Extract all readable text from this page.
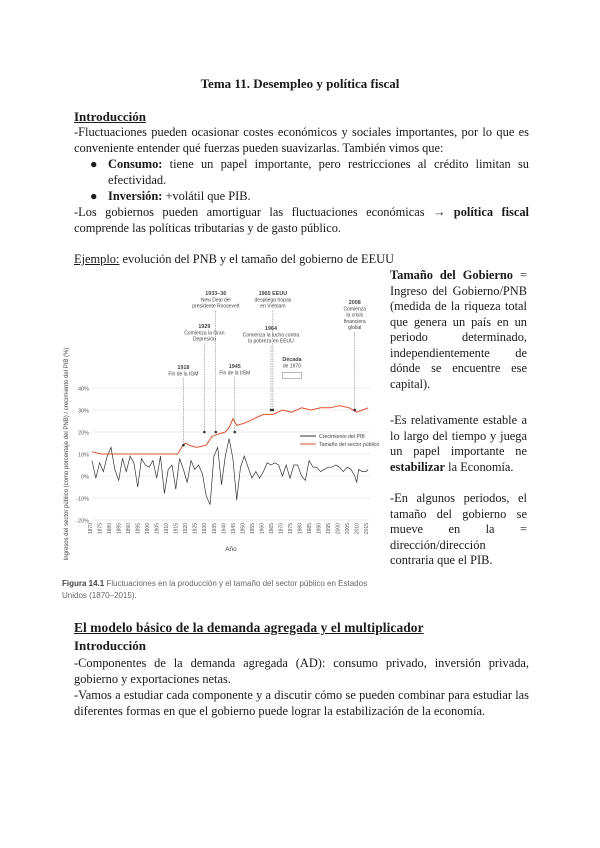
Tema 11. Desempleo y política fiscal
Introducción
-Fluctuaciones pueden ocasionar costes económicos y sociales importantes, por lo que es conveniente entender qué fuerzas pueden suavizarlas. También vimos que:
● Consumo: tiene un papel importante, pero restricciones al crédito limitan su efectividad.
● Inversión: +volátil que PIB.
-Los gobiernos pueden amortiguar las fluctuaciones económicas → política fiscal comprende las políticas tributarias y de gasto público.
Ejemplo: evolución del PNB y el tamaño del gobierno de EEUU
Tamaño del Gobierno = Ingreso del Gobierno/PNB (medida de la riqueza total que genera un país en un periodo determinado, independientemente de dónde se encuentre ese capital).
-Es relativamente estable a lo largo del tiempo y juega un papel importante ne estabilizar la Economía.
-En algunos periodos, el tamaño del gobierno se mueve en la = dirección/dirección contraria que el PIB.
-20%
-10%
0%
10%
20%
30%
40%
1870 1875 1880 1885 1890 1895 1900 1905 1910 1915 1920 1925 1930 1935 1940 1945 1950 1955 1960 1965 1970 1975 1980 1985 1990 1995 2000 2005 2010 2015
Año
Ingresos del sector público (como porcentaje del PNB) / crecimiento del PIB (%)	Crecimiento del PIB
Tamaño del sector público
1918
Fin de la IGM
1929
Comienza la Gran
Depresión
1933–36
New Deal del
presidente Roosevelt
1945
Fin de la IISM
1964
Comienza la lucha contra
la pobreza en EEUU
1965 EEUU
despliega tropas
en Vietnam
Década
de 1970
2008
Comienza
la crisis
financiera
global
Figura 14.1 Fluctuaciones en la producción y el tamaño del sector público en Estados Unidos (1870–2015).
El modelo básico de la demanda agregada y el multiplicador
Introducción
-Componentes de la demanda agregada (AD): consumo privado, inversión privada, gobierno y exportaciones netas.
-Vamos a estudiar cada componente y a discutir cómo se pueden combinar para estudiar las diferentes formas en que el gobierno puede lograr la estabilización de la economía.
